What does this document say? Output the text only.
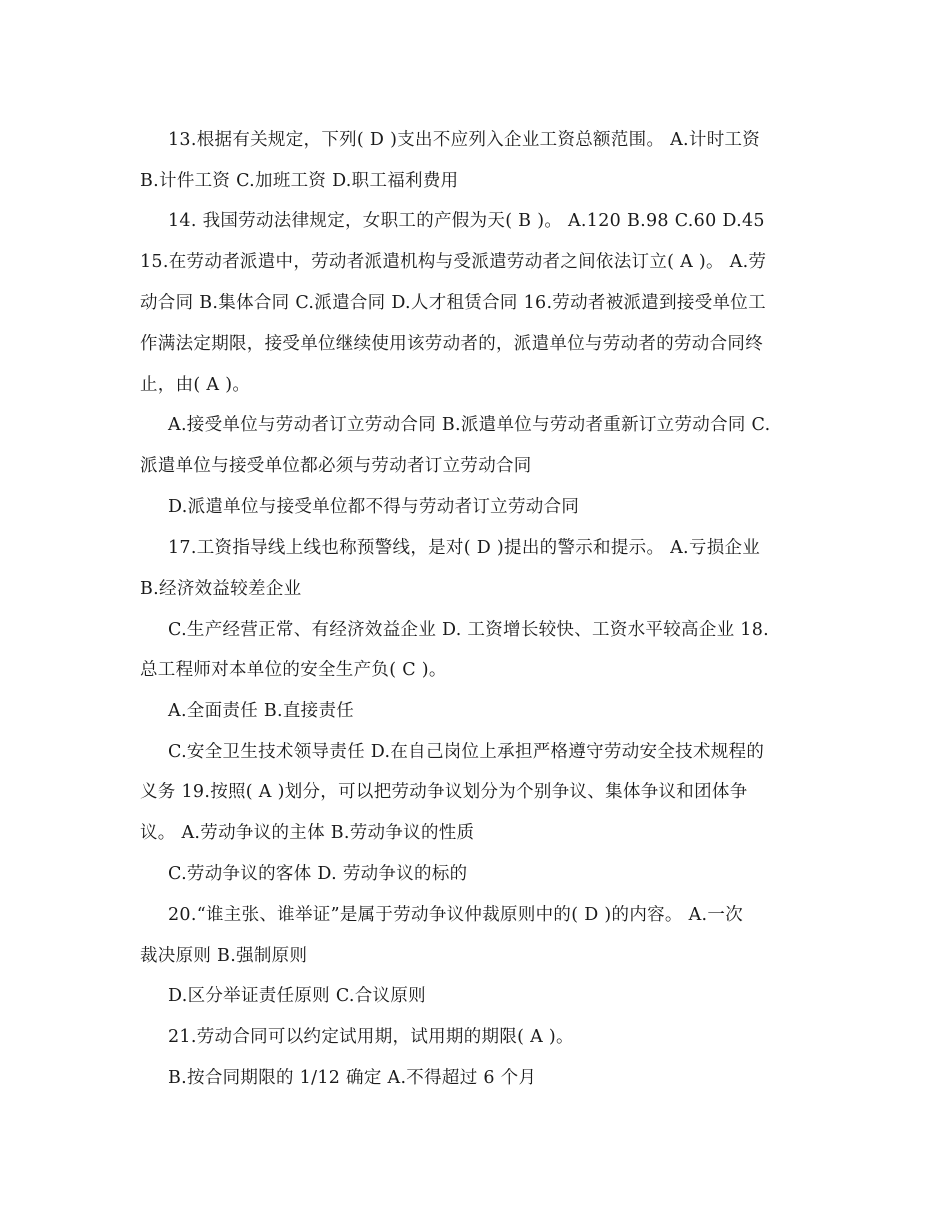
13.根据有关规定，下列( D )支出不应列入企业工资总额范围。 A.计时工资
B.计件工资 C.加班工资 D.职工福利费用
14. 我国劳动法律规定，女职工的产假为天( B )。 A.120 B.98 C.60 D.45
15.在劳动者派遣中，劳动者派遣机构与受派遣劳动者之间依法订立( A )。 A.劳
动合同 B.集体合同 C.派遣合同 D.人才租赁合同 16.劳动者被派遣到接受单位工
作满法定期限，接受单位继续使用该劳动者的，派遣单位与劳动者的劳动合同终
止，由( A )。
A.接受单位与劳动者订立劳动合同 B.派遣单位与劳动者重新订立劳动合同 C.
派遣单位与接受单位都必须与劳动者订立劳动合同
D.派遣单位与接受单位都不得与劳动者订立劳动合同
17.工资指导线上线也称预警线，是对( D )提出的警示和提示。 A.亏损企业
B.经济效益较差企业
C.生产经营正常、有经济效益企业 D. 工资增长较快、工资水平较高企业 18.
总工程师对本单位的安全生产负( C )。
A.全面责任 B.直接责任
C.安全卫生技术领导责任 D.在自己岗位上承担严格遵守劳动安全技术规程的
义务 19.按照( A )划分，可以把劳动争议划分为个别争议、集体争议和团体争
议。 A.劳动争议的主体 B.劳动争议的性质
C.劳动争议的客体 D. 劳动争议的标的
20.“谁主张、谁举证”是属于劳动争议仲裁原则中的( D )的内容。 A.一次
裁决原则 B.强制原则
D.区分举证责任原则 C.合议原则
21.劳动合同可以约定试用期，试用期的期限( A )。
B.按合同期限的 1/12 确定 A.不得超过 6 个月
